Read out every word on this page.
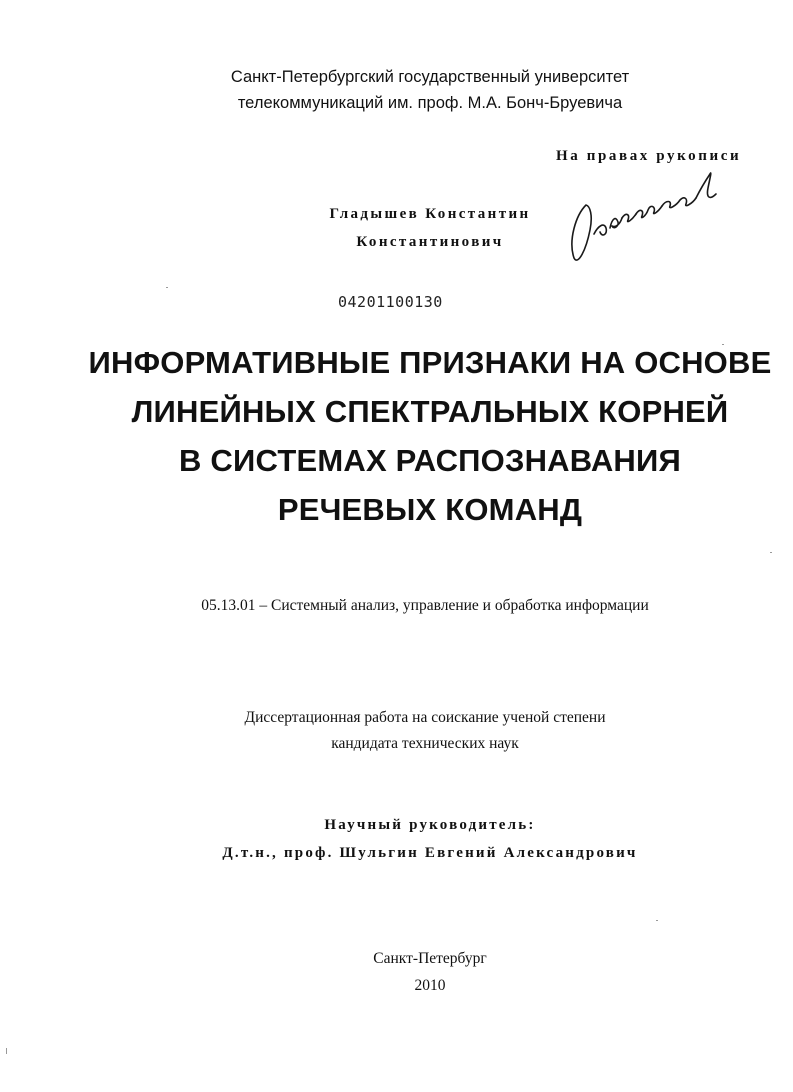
Санкт-Петербургский государственный университет
телекоммуникаций им. проф. М.А. Бонч-Бруевича
На правах рукописи
Гладышев Константин
Константинович
04201100130
ИНФОРМАТИВНЫЕ ПРИЗНАКИ НА ОСНОВЕ
ЛИНЕЙНЫХ СПЕКТРАЛЬНЫХ КОРНЕЙ
В СИСТЕМАХ РАСПОЗНАВАНИЯ
РЕЧЕВЫХ КОМАНД
05.13.01 – Системный анализ, управление и обработка информации
Диссертационная работа на соискание ученой степени
кандидата технических наук
Научный руководитель:
Д.т.н., проф. Шульгин Евгений Александрович
Санкт-Петербург
2010
